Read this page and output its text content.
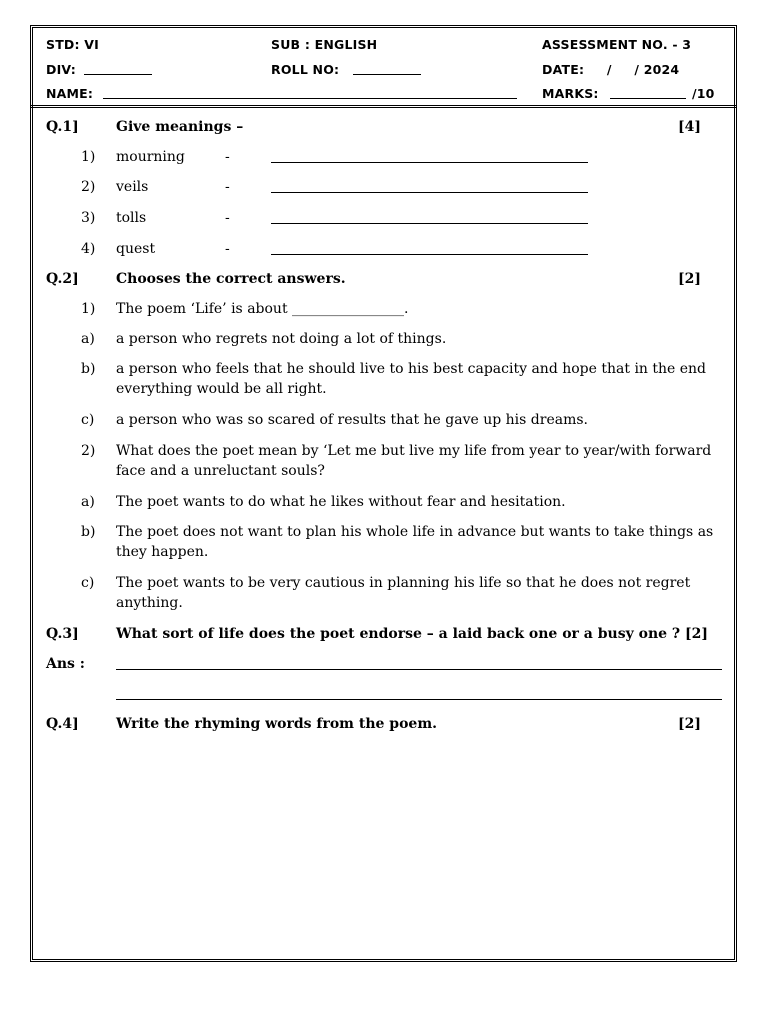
STD: VI	SUB : ENGLISH	ASSESSMENT NO. - 3
DIV:	ROLL NO:	DATE:     /     / 2024
NAME:	MARKS:	/10
Q.1]	Give meanings –	[4]
1) mourning	-
2) veils	-
3) tolls	-
4) quest	-
Q.2]	Chooses the correct answers.	[2]
1) The poem ‘Life’ is about ________________.
a) a person who regrets not doing a lot of things.
b) a person who feels that he should live to his best capacity and hope that in the end everything would be all right.
c) a person who was so scared of results that he gave up his dreams.
2) What does the poet mean by ‘Let me but live my life from year to year/with forward face and a unreluctant souls?
a) The poet wants to do what he likes without fear and hesitation.
b) The poet does not want to plan his whole life in advance but wants to take things as they happen.
c) The poet wants to be very cautious in planning his life so that he does not regret anything.
Q.3]	What sort of life does the poet endorse – a laid back one or a busy one ? [2]
Ans :
Q.4]	Write the rhyming words from the poem.	[2]
